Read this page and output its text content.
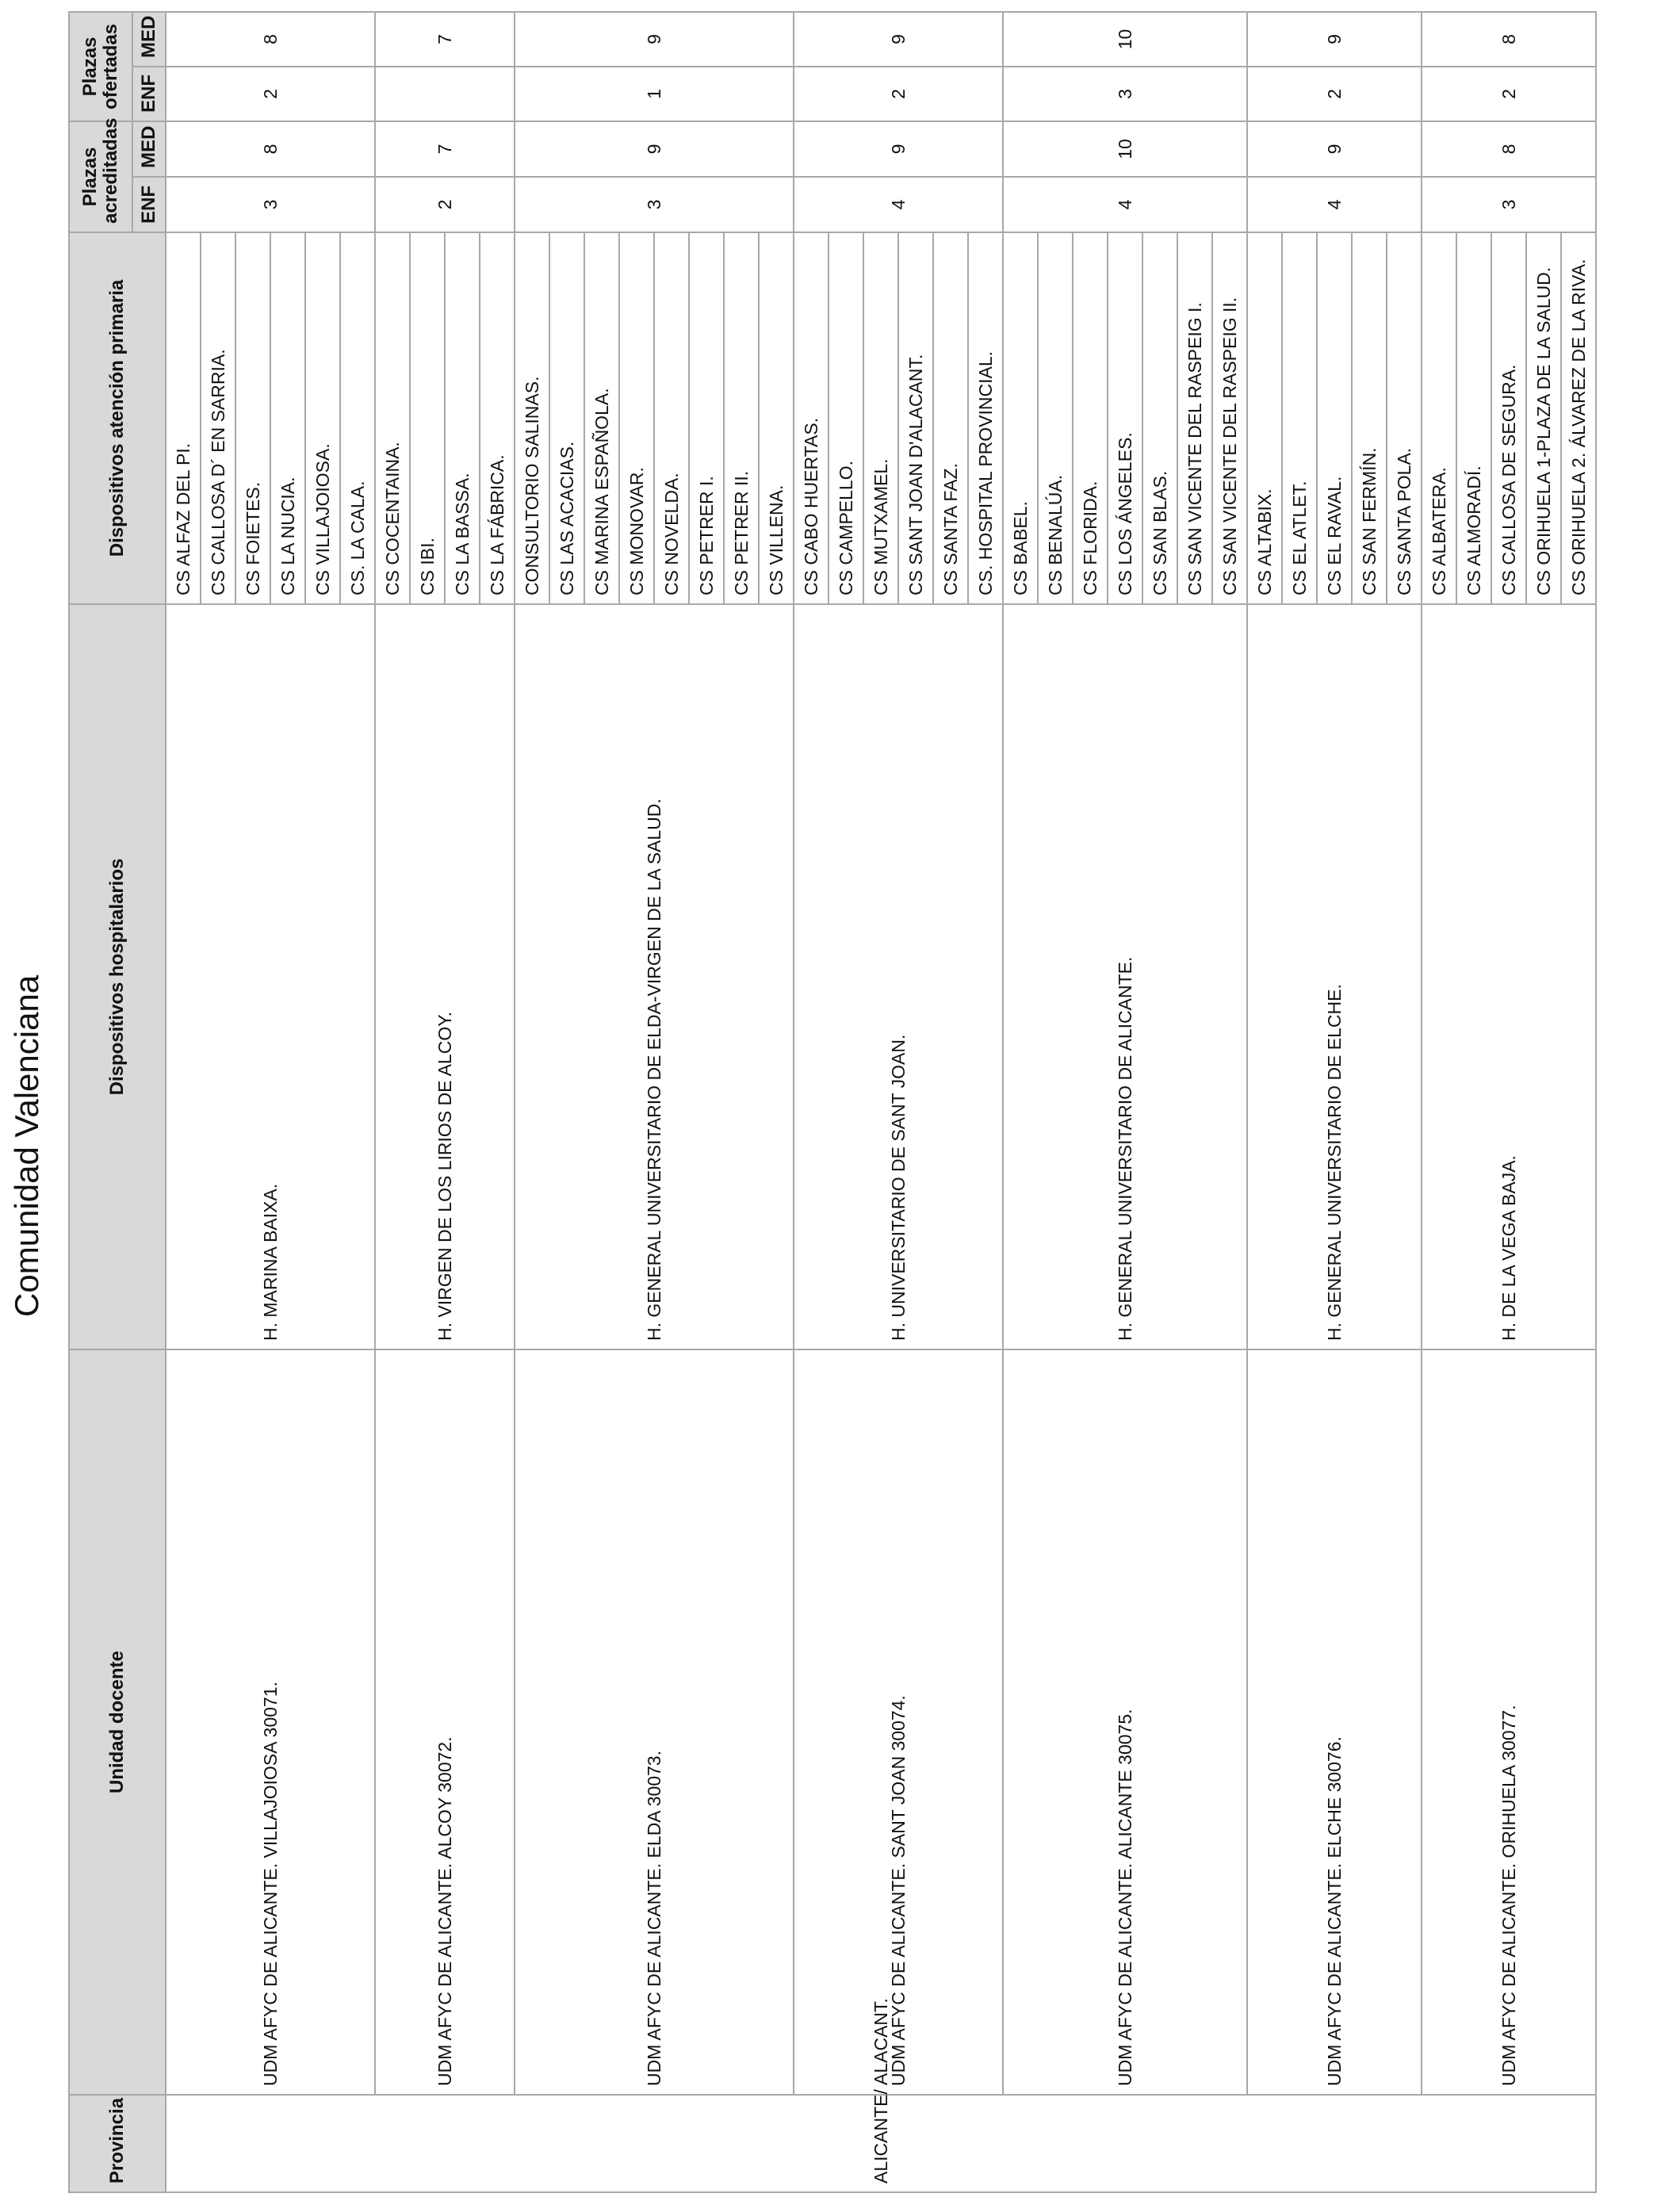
Comunidad Valenciana
Provincia	Unidad docente	Dispositivos hospitalarios	Dispositivos atención primaria	Plazas acreditadas		Plazas ofertadas	
				ENF	MED	ENF	MED
ALICANTE/ ALACANT.	UDM AFYC DE ALICANTE. VILLAJOIOSA 30071.	H. MARINA BAIXA.	CS ALFAZ DEL PI.	3	8	2	8
			CS CALLOSA D´ EN SARRIA.				
			CS FOIETES.				
			CS LA NUCIA.				
			CS VILLAJOIOSA.				
			CS. LA CALA.				
	UDM AFYC DE ALICANTE. ALCOY 30072.	H. VIRGEN DE LOS LIRIOS DE ALCOY.	CS COCENTAINA.	2	7		7
			CS IBI.				
			CS LA BASSA.				
			CS LA FÁBRICA.				
	UDM AFYC DE ALICANTE. ELDA 30073.	H. GENERAL UNIVERSITARIO DE ELDA-VIRGEN DE LA SALUD.	CONSULTORIO SALINAS.	3	9	1	9
			CS LAS ACACIAS.				
			CS MARINA ESPAÑOLA.				
			CS MONOVAR.				
			CS NOVELDA.				
			CS PETRER I.				
			CS PETRER II.				
			CS VILLENA.				
	UDM AFYC DE ALICANTE. SANT JOAN 30074.	H. UNIVERSITARIO DE SANT JOAN.	CS CABO HUERTAS.	4	9	2	9
			CS CAMPELLO.				
			CS MUTXAMEL.				
			CS SANT JOAN D'ALACANT.				
			CS SANTA FAZ.				
			CS. HOSPITAL PROVINCIAL.				
	UDM AFYC DE ALICANTE. ALICANTE 30075.	H. GENERAL UNIVERSITARIO DE ALICANTE.	CS BABEL.	4	10	3	10
			CS BENALÚA.				
			CS FLORIDA.				
			CS LOS ÁNGELES.				
			CS SAN BLAS.				
			CS SAN VICENTE DEL RASPEIG I.				
			CS SAN VICENTE DEL RASPEIG II.				
	UDM AFYC DE ALICANTE. ELCHE 30076.	H. GENERAL UNIVERSITARIO DE ELCHE.	CS ALTABIX.	4	9	2	9
			CS EL ATLET.				
			CS EL RAVAL.				
			CS SAN FERMÍN.				
			CS SANTA POLA.				
	UDM AFYC DE ALICANTE. ORIHUELA 30077.	H. DE LA VEGA BAJA.	CS ALBATERA.	3	8	2	8
			CS ALMORADÍ.				
			CS CALLOSA DE SEGURA.				
			CS ORIHUELA 1-PLAZA DE LA SALUD.				
			CS ORIHUELA 2. ÁLVAREZ DE LA RIVA.				
